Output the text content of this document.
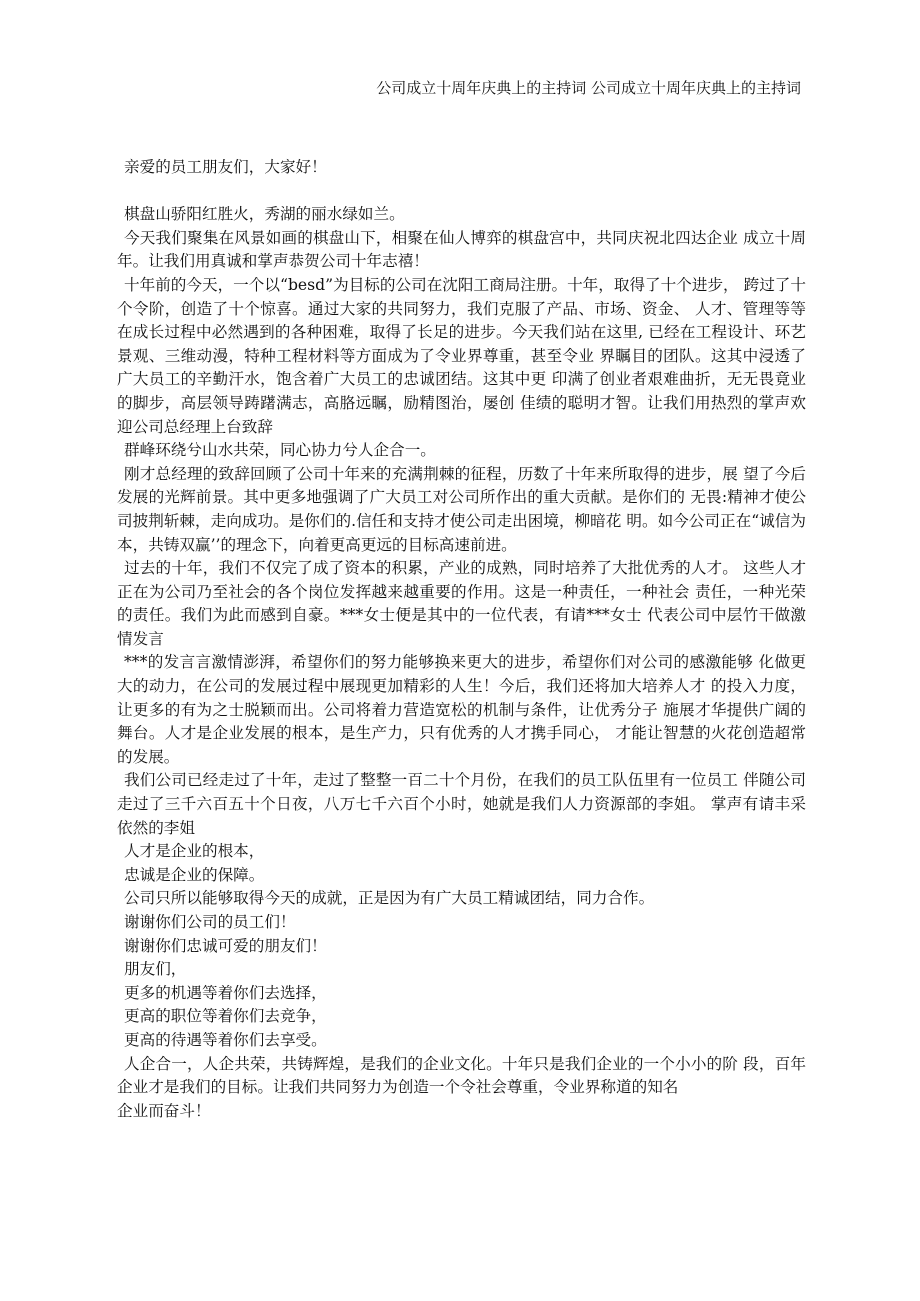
公司成立十周年庆典上的主持词 公司成立十周年庆典上的主持词

亲爱的员工朋友们，大家好！

棋盘山骄阳红胜火，秀湖的丽水绿如兰。

今天我们聚集在风景如画的棋盘山下，相聚在仙人博弈的棋盘宫中，共同庆祝北四达企业 成立十周年。让我们用真诚和掌声恭贺公司十年志禧！

十年前的今天，一个以“besd”为目标的公司在沈阳工商局注册。十年，取得了十个进步， 跨过了十个令阶，创造了十个惊喜。通过大家的共同努力，我们克服了产品、市场、资金、 人才、管理等等在成长过程中必然遇到的各种困难，取得了长足的进步。今天我们站在这里, 已经在工程设计、环艺景观、三维动漫，特种工程材料等方面成为了令业界尊重，甚至令业 界瞩目的团队。这其中浸透了广大员工的辛勤汗水，饱含着广大员工的忠诚团结。这其中更 印满了创业者艰难曲折，无无畏竟业的脚步，高层领导踌躇满志，高胳远瞩，励精图治，屡创 佳绩的聪明才智。让我们用热烈的掌声欢迎公司总经理上台致辞

群峰环绕兮山水共荣，同心协力兮人企合一。

刚才总经理的致辞回顾了公司十年来的充满荆棘的征程，历数了十年来所取得的进步，展 望了今后发展的光辉前景。其中更多地强调了广大员工对公司所作出的重大贡献。是你们的 无畏:精神才使公司披荆斩棘，走向成功。是你们的.信任和支持才使公司走出困境，柳暗花 明。如今公司正在“诚信为本，共铸双赢’’的理念下，向着更高更远的目标高速前进。

过去的十年，我们不仅完了成了资本的积累，产业的成熟，同时培养了大批优秀的人才。 这些人才正在为公司乃至社会的各个岗位发挥越来越重要的作用。这是一种责任，一种社会 责任，一种光荣的责任。我们为此而感到自豪。***女士便是其中的一位代表，有请***女士 代表公司中层竹干做激情发言

***的发言言激情澎湃，希望你们的努力能够换来更大的进步，希望你们对公司的感激能够 化做更大的动力，在公司的发展过程中展现更加精彩的人生！今后，我们还将加大培养人才 的投入力度，让更多的有为之士脱颖而出。公司将着力营造宽松的机制与条件，让优秀分子 施展才华提供广阔的舞台。人才是企业发展的根本，是生产力，只有优秀的人才携手同心， 才能让智慧的火花创造超常的发展。

我们公司已经走过了十年，走过了整整一百二十个月份，在我们的员工队伍里有一位员工 伴随公司走过了三千六百五十个日夜，八万七千六百个小时，她就是我们人力资源部的李姐。 掌声有请丰采依然的李姐

人才是企业的根本，

忠诚是企业的保障。

公司只所以能够取得今天的成就，正是因为有广大员工精诚团结，同力合作。

谢谢你们公司的员工们！

谢谢你们忠诚可爱的朋友们！

朋友们，

更多的机遇等着你们去选择，

更高的职位等着你们去竞争，

更高的待遇等着你们去享受。

人企合一，人企共荣，共铸辉煌，是我们的企业文化。十年只是我们企业的一个小小的阶 段，百年企业才是我们的目标。让我们共同努力为创造一个令社会尊重，令业界称道的知名

企业而奋斗！
